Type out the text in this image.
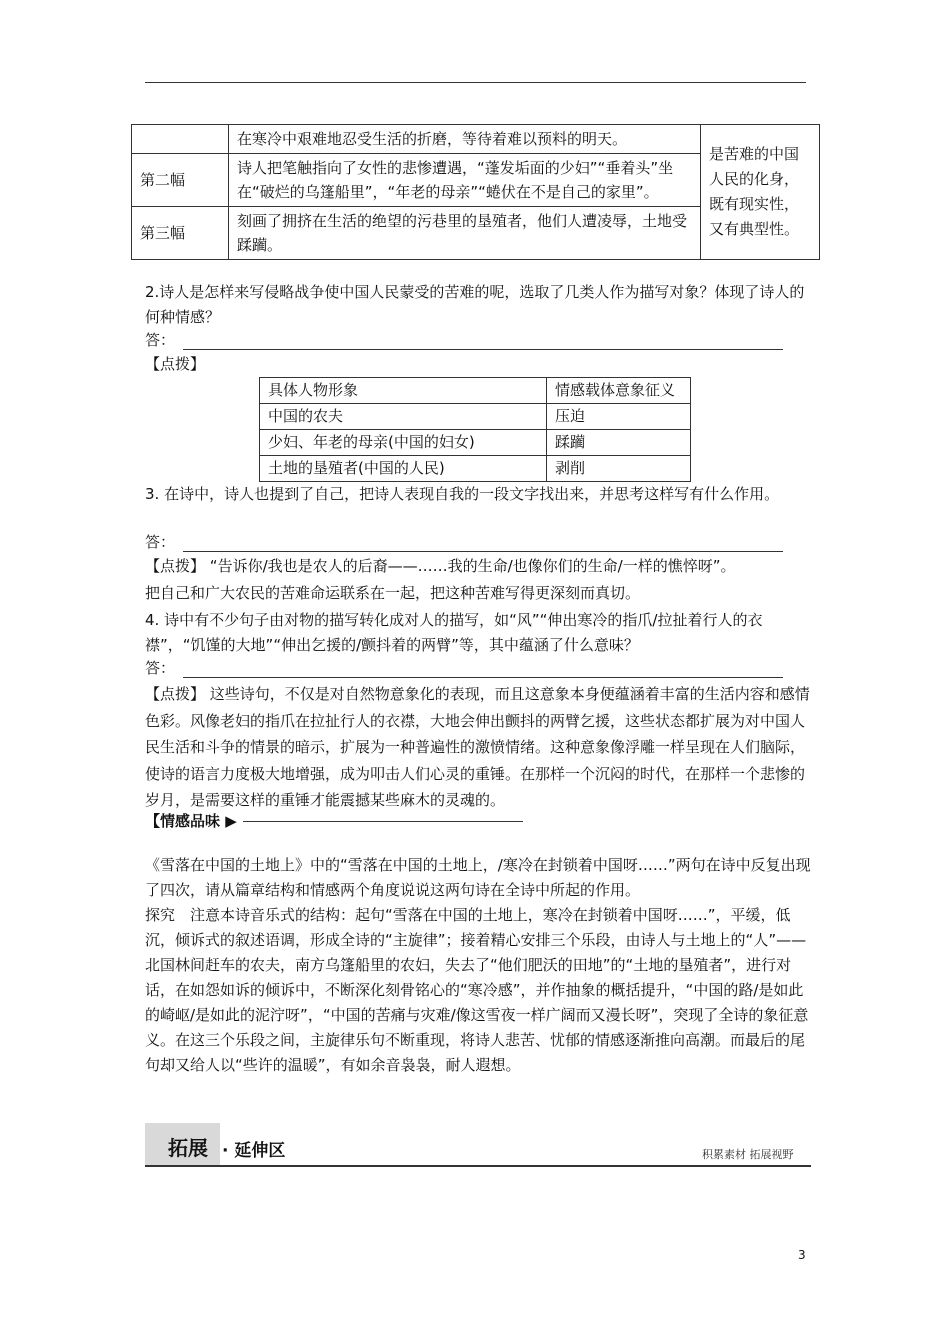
	在寒冷中艰难地忍受生活的折磨，等待着难以预料的明天。	是苦难的中国人民的化身，既有现实性，又有典型性。
第二幅	诗人把笔触指向了女性的悲惨遭遇，“蓬发垢面的少妇”“垂着头”坐在“破烂的乌篷船里”，“年老的母亲”“蜷伏在不是自己的家里”。	
第三幅	刻画了拥挤在生活的绝望的污巷里的垦殖者，他们人遭凌辱，土地受蹂躏。	
2.诗人是怎样来写侵略战争使中国人民蒙受的苦难的呢，选取了几类人作为描写对象？体现了诗人的何种情感？
答：
【点拨】
具体人物形象	情感载体意象征义
中国的农夫	压迫
少妇、年老的母亲(中国的妇女)	蹂躏
土地的垦殖者(中国的人民)	剥削
3. 在诗中，诗人也提到了自己，把诗人表现自我的一段文字找出来，并思考这样写有什么作用。
答：
【点拨】 “告诉你/我也是农人的后裔——……我的生命/也像你们的生命/一样的憔悴呀”。
把自己和广大农民的苦难命运联系在一起，把这种苦难写得更深刻而真切。
4. 诗中有不少句子由对物的描写转化成对人的描写，如“风”“伸出寒冷的指爪/拉扯着行人的衣襟”，“饥馑的大地”“伸出乞援的/颤抖着的两臂”等，其中蕴涵了什么意味？
答：
【点拨】 这些诗句，不仅是对自然物意象化的表现，而且这意象本身便蕴涵着丰富的生活内容和感情色彩。风像老妇的指爪在拉扯行人的衣襟，大地会伸出颤抖的两臂乞援，这些状态都扩展为对中国人民生活和斗争的情景的暗示，扩展为一种普遍性的激愤情绪。这种意象像浮雕一样呈现在人们脑际，使诗的语言力度极大地增强，成为叩击人们心灵的重锤。在那样一个沉闷的时代，在那样一个悲惨的岁月，是需要这样的重锤才能震撼某些麻木的灵魂的。
【情感品味 ▶
《雪落在中国的土地上》中的“雪落在中国的土地上，/寒冷在封锁着中国呀……”两句在诗中反复出现了四次，请从篇章结构和情感两个角度说说这两句诗在全诗中所起的作用。
探究　注意本诗音乐式的结构：起句“雪落在中国的土地上，寒冷在封锁着中国呀……”，平缓，低沉，倾诉式的叙述语调，形成全诗的“主旋律”；接着精心安排三个乐段，由诗人与土地上的“人”——北国林间赶车的农夫，南方乌篷船里的农妇，失去了“他们肥沃的田地”的“土地的垦殖者”，进行对话，在如怨如诉的倾诉中，不断深化刻骨铭心的“寒冷感”，并作抽象的概括提升，“中国的路/是如此的崎岖/是如此的泥泞呀”，“中国的苦痛与灾难/像这雪夜一样广阔而又漫长呀”，突现了全诗的象征意义。在这三个乐段之间，主旋律乐句不断重现，将诗人悲苦、忧郁的情感逐渐推向高潮。而最后的尾句却又给人以“些许的温暖”，有如余音袅袅，耐人遐想。
拓展 · 延伸区	积累素材 拓展视野
3
